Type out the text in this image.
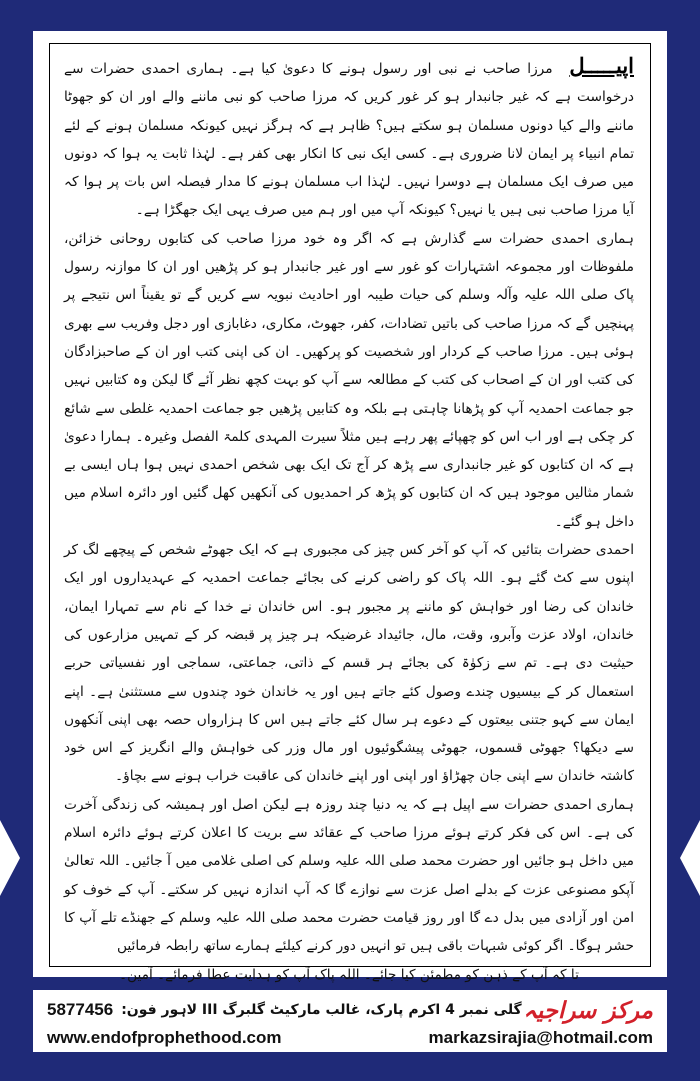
اپیـــــل مرزا صاحب نے نبی اور رسول ہونے کا دعویٰ کیا ہے۔ ہماری احمدی حضرات سے درخواست ہے کہ غیر جانبدار ہو کر غور کریں کہ مرزا صاحب کو نبی ماننے والے اور ان کو جھوٹا ماننے والے کیا دونوں مسلمان ہو سکتے ہیں؟ ظاہر ہے کہ ہرگز نہیں کیونکہ مسلمان ہونے کے لئے تمام انبیاء پر ایمان لانا ضروری ہے۔ کسی ایک نبی کا انکار بھی کفر ہے۔ لہٰذا ثابت یہ ہوا کہ دونوں میں صرف ایک مسلمان ہے دوسرا نہیں۔ لہٰذا اب مسلمان ہونے کا مدار فیصلہ اس بات پر ہوا کہ آیا مرزا صاحب نبی ہیں یا نہیں؟ کیونکہ آپ میں اور ہم میں صرف یہی ایک جھگڑا ہے۔

ہماری احمدی حضرات سے گذارش ہے کہ اگر وہ خود مرزا صاحب کی کتابوں روحانی خزائن، ملفوظات اور مجموعہ اشتہارات کو غور سے اور غیر جانبدار ہو کر پڑھیں اور ان کا موازنہ رسول پاک صلی اللہ علیہ وآلہ وسلم کی حیات طیبہ اور احادیث نبویہ سے کریں گے تو یقیناً اس نتیجے پر پہنچیں گے کہ مرزا صاحب کی باتیں تضادات، کفر، جھوٹ، مکاری، دغابازی اور دجل وفریب سے بھری ہوئی ہیں۔ مرزا صاحب کے کردار اور شخصیت کو پرکھیں۔ ان کی اپنی کتب اور ان کے صاحبزادگان کی کتب اور ان کے اصحاب کی کتب کے مطالعہ سے آپ کو بہت کچھ نظر آئے گا لیکن وہ کتابیں نہیں جو جماعت احمدیہ آپ کو پڑھانا چاہتی ہے بلکہ وہ کتابیں پڑھیں جو جماعت احمدیہ غلطی سے شائع کر چکی ہے اور اب اس کو چھپائے پھر رہے ہیں مثلاً سیرت المہدی کلمۃ الفصل وغیرہ۔ ہمارا دعویٰ ہے کہ ان کتابوں کو غیر جانبداری سے پڑھ کر آج تک ایک بھی شخص احمدی نہیں ہوا ہاں ایسی بے شمار مثالیں موجود ہیں کہ ان کتابوں کو پڑھ کر احمدیوں کی آنکھیں کھل گئیں اور دائرہ اسلام میں داخل ہو گئے۔

احمدی حضرات بتائیں کہ آپ کو آخر کس چیز کی مجبوری ہے کہ ایک جھوٹے شخص کے پیچھے لگ کر اپنوں سے کٹ گئے ہو۔ اللہ پاک کو راضی کرنے کی بجائے جماعت احمدیہ کے عہدیداروں اور ایک خاندان کی رضا اور خواہش کو ماننے پر مجبور ہو۔ اس خاندان نے خدا کے نام سے تمہارا ایمان، خاندان، اولاد عزت وآبرو، وقت، مال، جائیداد غرضیکہ ہر چیز پر قبضہ کر کے تمہیں مزارعوں کی حیثیت دی ہے۔ تم سے زکوٰۃ کی بجائے ہر قسم کے ذاتی، جماعتی، سماجی اور نفسیاتی حربے استعمال کر کے بیسیوں چندے وصول کئے جاتے ہیں اور یہ خاندان خود چندوں سے مستثنیٰ ہے۔ اپنے ایمان سے کہو جتنی بیعتوں کے دعوے ہر سال کئے جاتے ہیں اس کا ہزارواں حصہ بھی اپنی آنکھوں سے دیکھا؟ جھوٹی قسموں، جھوٹی پیشگوئیوں اور مال وزر کی خواہش والے انگریز کے اس خود کاشتہ خاندان سے اپنی جان چھڑاؤ اور اپنی اور اپنے خاندان کی عاقبت خراب ہونے سے بچاؤ۔

ہماری احمدی حضرات سے اپیل ہے کہ یہ دنیا چند روزہ ہے لیکن اصل اور ہمیشہ کی زندگی آخرت کی ہے۔ اس کی فکر کرتے ہوئے مرزا صاحب کے عقائد سے بریت کا اعلان کرتے ہوئے دائرہ اسلام میں داخل ہو جائیں اور حضرت محمد صلی اللہ علیہ وسلم کی اصلی غلامی میں آ جائیں۔ اللہ تعالیٰ آپکو مصنوعی عزت کے بدلے اصل عزت سے نوازے گا کہ آپ اندازہ نہیں کر سکتے۔ آپ کے خوف کو امن اور آزادی میں بدل دے گا اور روز قیامت حضرت محمد صلی اللہ علیہ وسلم کے جھنڈے تلے آپ کا حشر ہوگا۔ اگر کوئی شبہات باقی ہیں تو انہیں دور کرنے کیلئے ہمارے ساتھ رابطہ فرمائیں

تا کہ آپ کے ذہن کو مطمئن کیا جائے۔ اللہ پاک آپ کو ہدایت عطا فرمائے۔ آمین۔

مرکز سراجیہ
5877456 گلی نمبر 4 اکرم پارک، غالب مارکیٹ گلبرگ III لاہور فون:
www.endofprophethood.com	markazsirajia@hotmail.com
